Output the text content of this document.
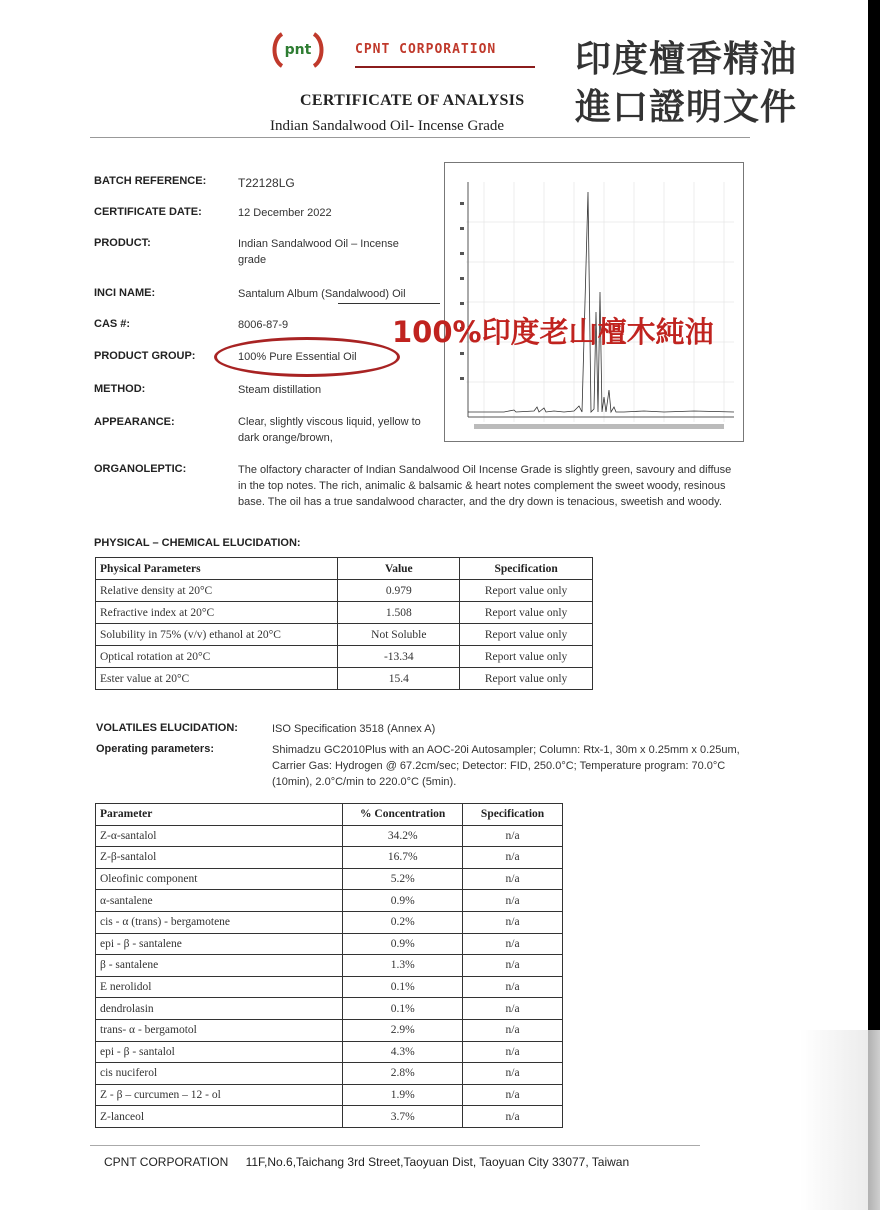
pnt	CPNT CORPORATION
CERTIFICATE OF ANALYSIS
Indian Sandalwood Oil- Incense Grade
印度檀香精油
進口證明文件
BATCH REFERENCE:	T22128LG
CERTIFICATE DATE:	12 December 2022
PRODUCT:	Indian Sandalwood Oil – Incense grade
INCI NAME:	Santalum Album (Sandalwood) Oil
CAS #:	8006-87-9
PRODUCT GROUP:	100% Pure Essential Oil
METHOD:	Steam distillation
APPEARANCE:	Clear, slightly viscous liquid, yellow to dark orange/brown,
100%印度老山檀木純油
ORGANOLEPTIC:	The olfactory character of Indian Sandalwood Oil Incense Grade is slightly green, savoury and diffuse in the top notes. The rich, animalic & balsamic & heart notes complement the sweet woody, resinous base. The oil has a true sandalwood character, and the dry down is tenacious, sweetish and woody.
PHYSICAL – CHEMICAL ELUCIDATION:
Physical Parameters	Value	Specification
Relative density at 20°C	0.979	Report value only
Refractive index at 20°C	1.508	Report value only
Solubility in 75% (v/v) ethanol at 20°C	Not Soluble	Report value only
Optical rotation at 20°C	-13.34	Report value only
Ester value at 20°C	15.4	Report value only
VOLATILES ELUCIDATION:	ISO Specification 3518 (Annex A)
Operating parameters:	Shimadzu GC2010Plus with an AOC-20i Autosampler; Column: Rtx-1, 30m x 0.25mm x 0.25um, Carrier Gas: Hydrogen @ 67.2cm/sec; Detector: FID, 250.0°C; Temperature program: 70.0°C (10min), 2.0°C/min to 220.0°C (5min).
Parameter	% Concentration	Specification
Z-α-santalol	34.2%	n/a
Z-β-santalol	16.7%	n/a
Oleofinic component	5.2%	n/a
α-santalene	0.9%	n/a
cis - α (trans) - bergamotene	0.2%	n/a
epi - β - santalene	0.9%	n/a
β - santalene	1.3%	n/a
E nerolidol	0.1%	n/a
dendrolasin	0.1%	n/a
trans- α - bergamotol	2.9%	n/a
epi - β - santalol	4.3%	n/a
cis nuciferol	2.8%	n/a
Z - β – curcumen – 12 - ol	1.9%	n/a
Z-lanceol	3.7%	n/a
CPNT CORPORATION 11F,No.6,Taichang 3rd Street,Taoyuan Dist, Taoyuan City 33077, Taiwan
